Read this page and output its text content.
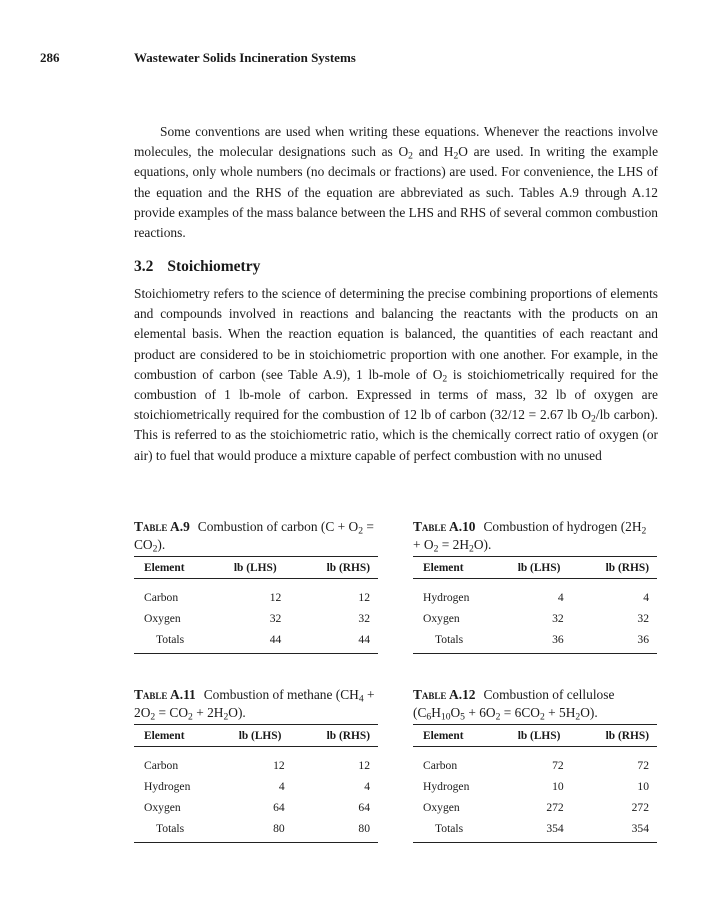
286	Wastewater Solids Incineration Systems

Some conventions are used when writing these equations. Whenever the reactions involve molecules, the molecular designations such as $O_2$ and $H_2O$ are used. In writing the example equations, only whole numbers (no decimals or fractions) are used. For convenience, the LHS of the equation and the RHS of the equation are abbreviated as such. Tables A.9 through A.12 provide examples of the mass balance between the LHS and RHS of several common combustion reactions.

3.2 Stoichiometry

Stoichiometry refers to the science of determining the precise combining proportions of elements and compounds involved in reactions and balancing the reactants with the products on an elemental basis. When the reaction equation is balanced, the quantities of each reactant and product are considered to be in stoichiometric proportion with one another. For example, in the combustion of carbon (see Table A.9), 1 lb-mole of $O_2$ is stoichiometrically required for the combustion of 1 lb-mole of carbon. Expressed in terms of mass, 32 lb of oxygen are stoichiometrically required for the combustion of 12 lb of carbon (32/12 = 2.67 lb $O_2/lb$ carbon). This is referred to as the stoichiometric ratio, which is the chemically correct ratio of oxygen (or air) to fuel that would produce a mixture capable of perfect combustion with no unused

Table A.9 Combustion of carbon $(C + O_2 = CO_2)$.
Element	lb (LHS)	lb (RHS)
Carbon	12	12
Oxygen	32	32
Totals	44	44
Table A.10 Combustion of hydrogen $(2H_2 + O_2 = 2H_2O)$.
Element	lb (LHS)	lb (RHS)
Hydrogen	4	4
Oxygen	32	32
Totals	36	36
Table A.11 Combustion of methane $(CH_4 + 2O_2 = CO_2 + 2H_2O)$.
Element	lb (LHS)	lb (RHS)
Carbon	12	12
Hydrogen	4	4
Oxygen	64	64
Totals	80	80
Table A.12 Combustion of cellulose $(C_6H_{10}O_5 + 6O_2 = 6CO_2 + 5H_2O)$.
Element	lb (LHS)	lb (RHS)
Carbon	72	72
Hydrogen	10	10
Oxygen	272	272
Totals	354	354
